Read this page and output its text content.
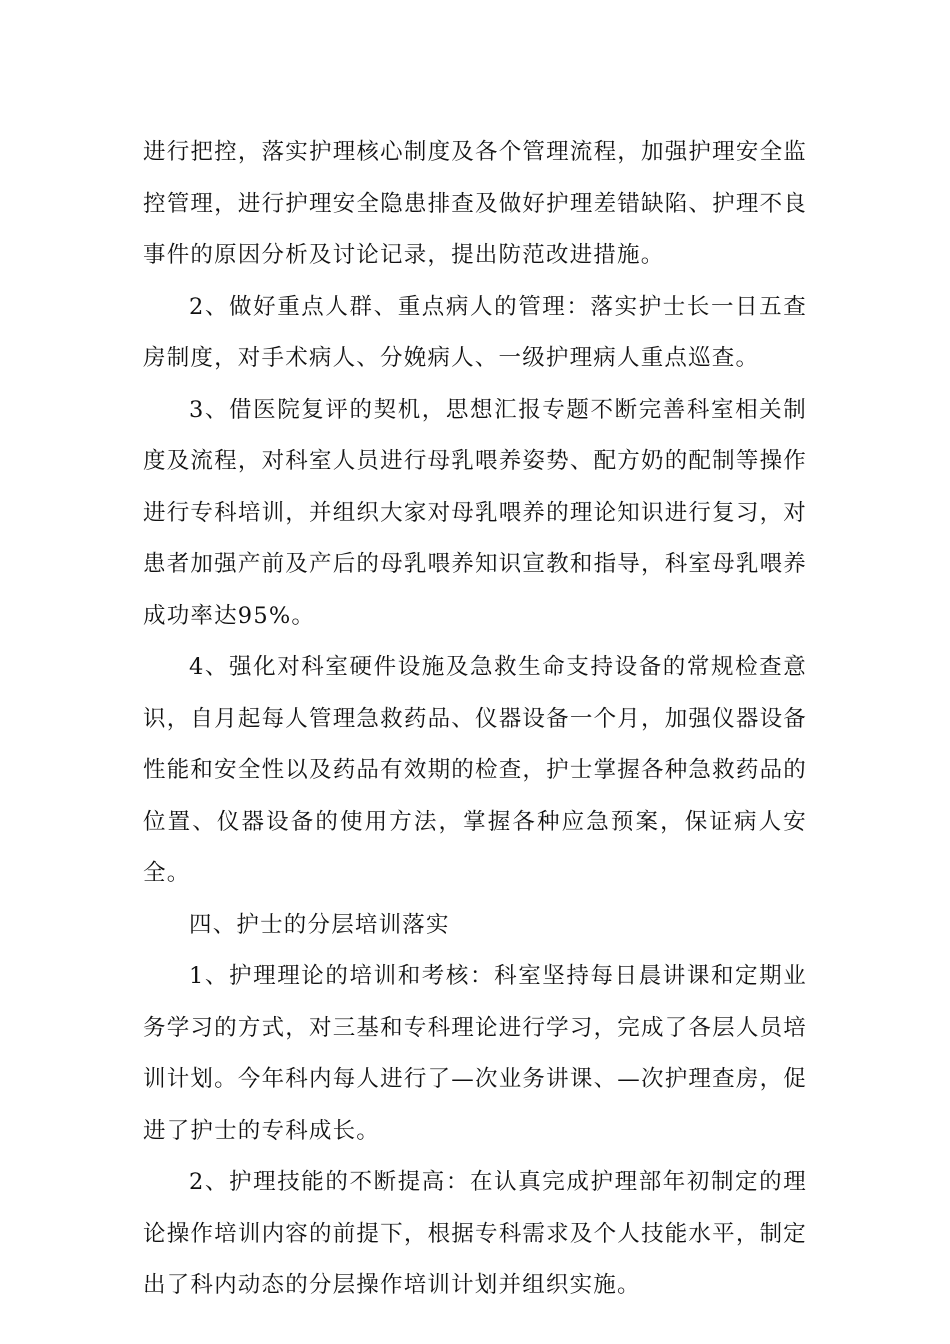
进行把控，落实护理核心制度及各个管理流程，加强护理安全监控管理，进行护理安全隐患排查及做好护理差错缺陷、护理不良事件的原因分析及讨论记录，提出防范改进措施。

2、做好重点人群、重点病人的管理：落实护士长一日五查房制度，对手术病人、分娩病人、一级护理病人重点巡查。

3、借医院复评的契机，思想汇报专题不断完善科室相关制度及流程，对科室人员进行母乳喂养姿势、配方奶的配制等操作进行专科培训，并组织大家对母乳喂养的理论知识进行复习，对患者加强产前及产后的母乳喂养知识宣教和指导，科室母乳喂养成功率达95%。

4、强化对科室硬件设施及急救生命支持设备的常规检查意识，自月起每人管理急救药品、仪器设备一个月，加强仪器设备性能和安全性以及药品有效期的检查，护士掌握各种急救药品的位置、仪器设备的使用方法，掌握各种应急预案，保证病人安全。

四、护士的分层培训落实

1、护理理论的培训和考核：科室坚持每日晨讲课和定期业务学习的方式，对三基和专科理论进行学习，完成了各层人员培训计划。今年科内每人进行了—次业务讲课、—次护理查房，促进了护士的专科成长。

2、护理技能的不断提高：在认真完成护理部年初制定的理论操作培训内容的前提下，根据专科需求及个人技能水平，制定出了科内动态的分层操作培训计划并组织实施。
